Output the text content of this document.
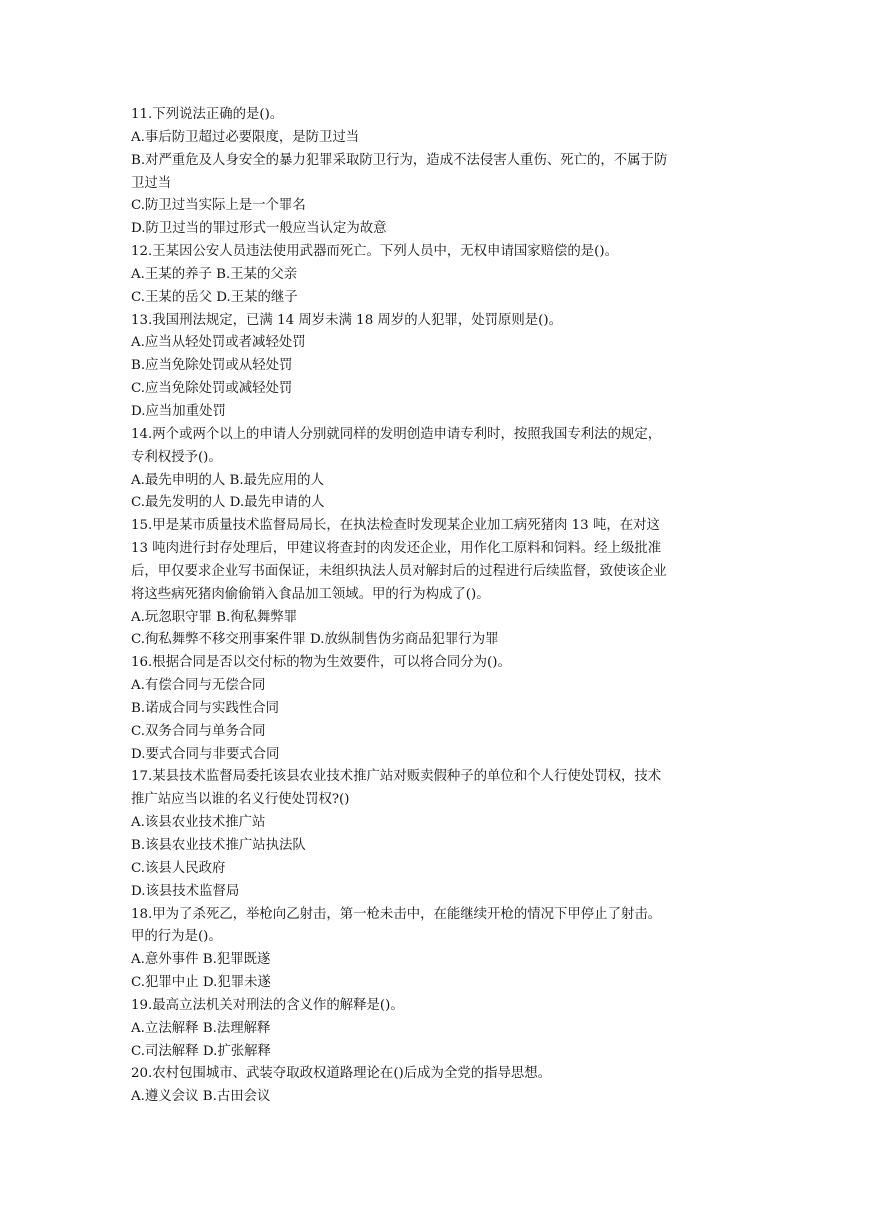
11.下列说法正确的是()。
A.事后防卫超过必要限度，是防卫过当
B.对严重危及人身安全的暴力犯罪采取防卫行为，造成不法侵害人重伤、死亡的，不属于防
卫过当
C.防卫过当实际上是一个罪名
D.防卫过当的罪过形式一般应当认定为故意
12.王某因公安人员违法使用武器而死亡。下列人员中，无权申请国家赔偿的是()。
A.王某的养子 B.王某的父亲
C.王某的岳父 D.王某的继子
13.我国刑法规定，已满 14 周岁未满 18 周岁的人犯罪，处罚原则是()。
A.应当从轻处罚或者减轻处罚
B.应当免除处罚或从轻处罚
C.应当免除处罚或减轻处罚
D.应当加重处罚
14.两个或两个以上的申请人分别就同样的发明创造申请专利时，按照我国专利法的规定，
专利权授予()。
A.最先申明的人 B.最先应用的人
C.最先发明的人 D.最先申请的人
15.甲是某市质量技术监督局局长，在执法检查时发现某企业加工病死猪肉 13 吨，在对这
13 吨肉进行封存处理后，甲建议将查封的肉发还企业，用作化工原料和饲料。经上级批准
后，甲仅要求企业写书面保证，未组织执法人员对解封后的过程进行后续监督，致使该企业
将这些病死猪肉偷偷销入食品加工领域。甲的行为构成了()。
A.玩忽职守罪 B.徇私舞弊罪
C.徇私舞弊不移交刑事案件罪 D.放纵制售伪劣商品犯罪行为罪
16.根据合同是否以交付标的物为生效要件，可以将合同分为()。
A.有偿合同与无偿合同
B.诺成合同与实践性合同
C.双务合同与单务合同
D.要式合同与非要式合同
17.某县技术监督局委托该县农业技术推广站对贩卖假种子的单位和个人行使处罚权，技术
推广站应当以谁的名义行使处罚权?()
A.该县农业技术推广站
B.该县农业技术推广站执法队
C.该县人民政府
D.该县技术监督局
18.甲为了杀死乙，举枪向乙射击，第一枪未击中，在能继续开枪的情况下甲停止了射击。
甲的行为是()。
A.意外事件 B.犯罪既遂
C.犯罪中止 D.犯罪未遂
19.最高立法机关对刑法的含义作的解释是()。
A.立法解释 B.法理解释
C.司法解释 D.扩张解释
20.农村包围城市、武装夺取政权道路理论在()后成为全党的指导思想。
A.遵义会议 B.古田会议
